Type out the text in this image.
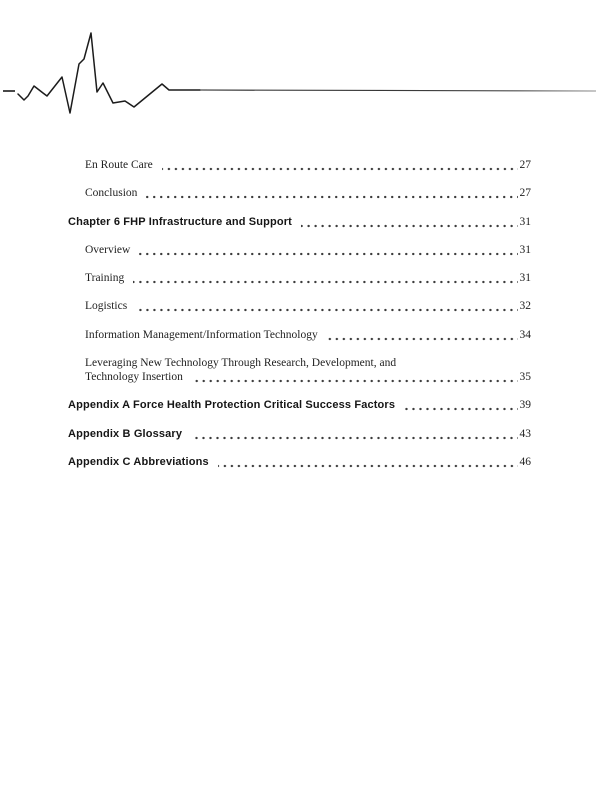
En Route Care	27
Conclusion	27
Chapter 6 FHP Infrastructure and Support	31
Overview	31
Training	31
Logistics	32
Information Management/Information Technology	34
Leveraging New Technology Through Research, Development, and
Technology Insertion	35
Appendix A Force Health Protection Critical Success Factors	39
Appendix B Glossary	43
Appendix C Abbreviations	46
